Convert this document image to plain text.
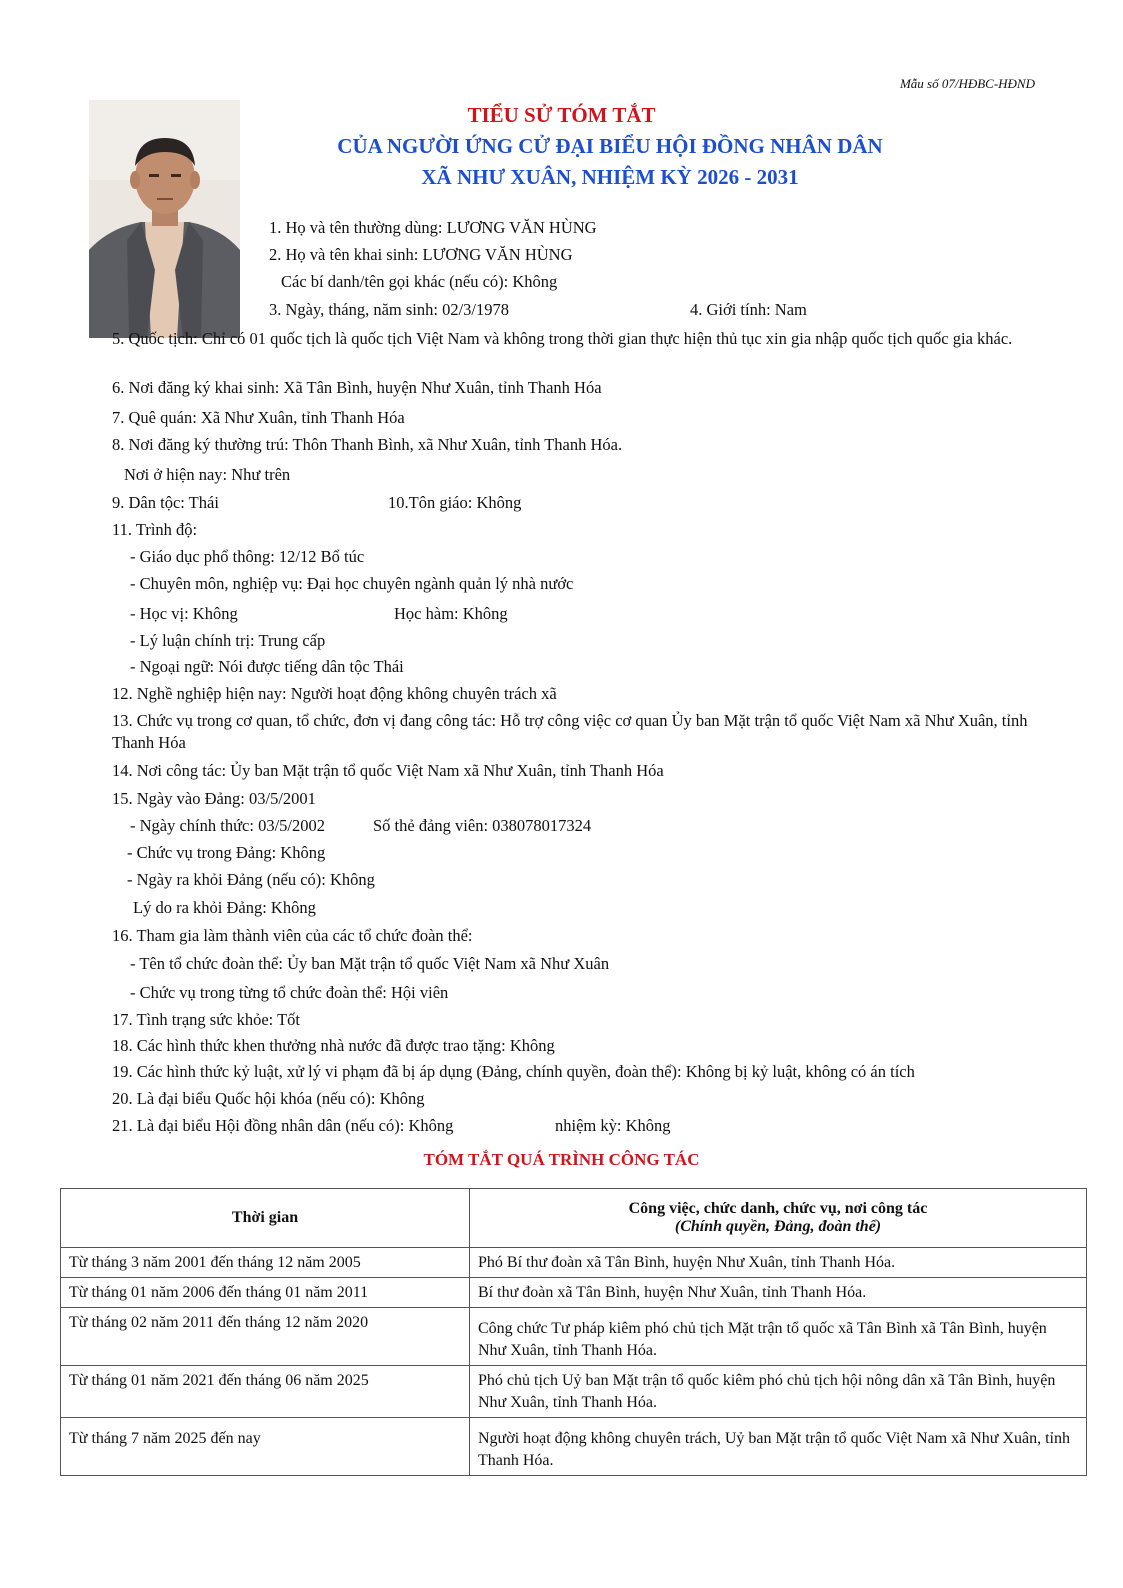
Mẫu số 07/HĐBC-HĐND
TIỂU SỬ TÓM TẮT
CỦA NGƯỜI ỨNG CỬ ĐẠI BIỂU HỘI ĐỒNG NHÂN DÂN
XÃ NHƯ XUÂN, NHIỆM KỲ 2026 - 2031
1. Họ và tên thường dùng: LƯƠNG VĂN HÙNG
2. Họ và tên khai sinh: LƯƠNG VĂN HÙNG
Các bí danh/tên gọi khác (nếu có): Không
3. Ngày, tháng, năm sinh: 02/3/1978	4. Giới tính: Nam
5. Quốc tịch: Chỉ có 01 quốc tịch là quốc tịch Việt Nam và không trong thời gian thực hiện thủ tục xin gia nhập quốc tịch quốc gia khác.
6. Nơi đăng ký khai sinh: Xã Tân Bình, huyện Như Xuân, tỉnh Thanh Hóa
7. Quê quán: Xã Như Xuân, tỉnh Thanh Hóa
8. Nơi đăng ký thường trú: Thôn Thanh Bình, xã Như Xuân, tỉnh Thanh Hóa.
Nơi ở hiện nay: Như trên
9. Dân tộc: Thái	10.Tôn giáo: Không
11. Trình độ:
- Giáo dục phổ thông: 12/12 Bổ túc
- Chuyên môn, nghiệp vụ: Đại học chuyên ngành quản lý nhà nước
- Học vị: Không	Học hàm: Không
- Lý luận chính trị: Trung cấp
- Ngoại ngữ: Nói được tiếng dân tộc Thái
12. Nghề nghiệp hiện nay: Người hoạt động không chuyên trách xã
13. Chức vụ trong cơ quan, tổ chức, đơn vị đang công tác: Hỗ trợ công việc cơ quan Ủy ban Mặt trận tổ quốc Việt Nam xã Như Xuân, tỉnh Thanh Hóa
14. Nơi công tác: Ủy ban Mặt trận tổ quốc Việt Nam xã Như Xuân, tỉnh Thanh Hóa
15. Ngày vào Đảng: 03/5/2001
- Ngày chính thức: 03/5/2002	Số thẻ đảng viên: 038078017324
- Chức vụ trong Đảng: Không
- Ngày ra khỏi Đảng (nếu có): Không
Lý do ra khỏi Đảng: Không
16. Tham gia làm thành viên của các tổ chức đoàn thể:
- Tên tổ chức đoàn thể: Ủy ban Mặt trận tổ quốc Việt Nam xã Như Xuân
- Chức vụ trong từng tổ chức đoàn thể: Hội viên
17. Tình trạng sức khỏe: Tốt
18. Các hình thức khen thưởng nhà nước đã được trao tặng: Không
19. Các hình thức kỷ luật, xử lý vi phạm đã bị áp dụng (Đảng, chính quyền, đoàn thể): Không bị kỷ luật, không có án tích
20. Là đại biểu Quốc hội khóa (nếu có): Không
21. Là đại biểu Hội đồng nhân dân (nếu có): Không	nhiệm kỳ: Không
TÓM TẮT QUÁ TRÌNH CÔNG TÁC
Thời gian	Công việc, chức danh, chức vụ, nơi công tác
(Chính quyền, Đảng, đoàn thể)

Từ tháng 3 năm 2001 đến tháng 12 năm 2005	Phó Bí thư đoàn xã Tân Bình, huyện Như Xuân, tỉnh Thanh Hóa.
Từ tháng 01 năm 2006 đến tháng 01 năm 2011	Bí thư đoàn xã Tân Bình, huyện Như Xuân, tỉnh Thanh Hóa.
Từ tháng 02 năm 2011 đến tháng 12 năm 2020	Công chức Tư pháp kiêm phó chủ tịch Mặt trận tổ quốc xã Tân Bình xã Tân Bình, huyện Như Xuân, tỉnh Thanh Hóa.
Từ tháng 01 năm 2021 đến tháng 06 năm 2025	Phó chủ tịch Uỷ ban Mặt trận tổ quốc kiêm phó chủ tịch hội nông dân xã Tân Bình, huyện Như Xuân, tỉnh Thanh Hóa.
Từ tháng 7 năm 2025 đến nay	Người hoạt động không chuyên trách, Uỷ ban Mặt trận tổ quốc Việt Nam xã Như Xuân, tỉnh Thanh Hóa.
